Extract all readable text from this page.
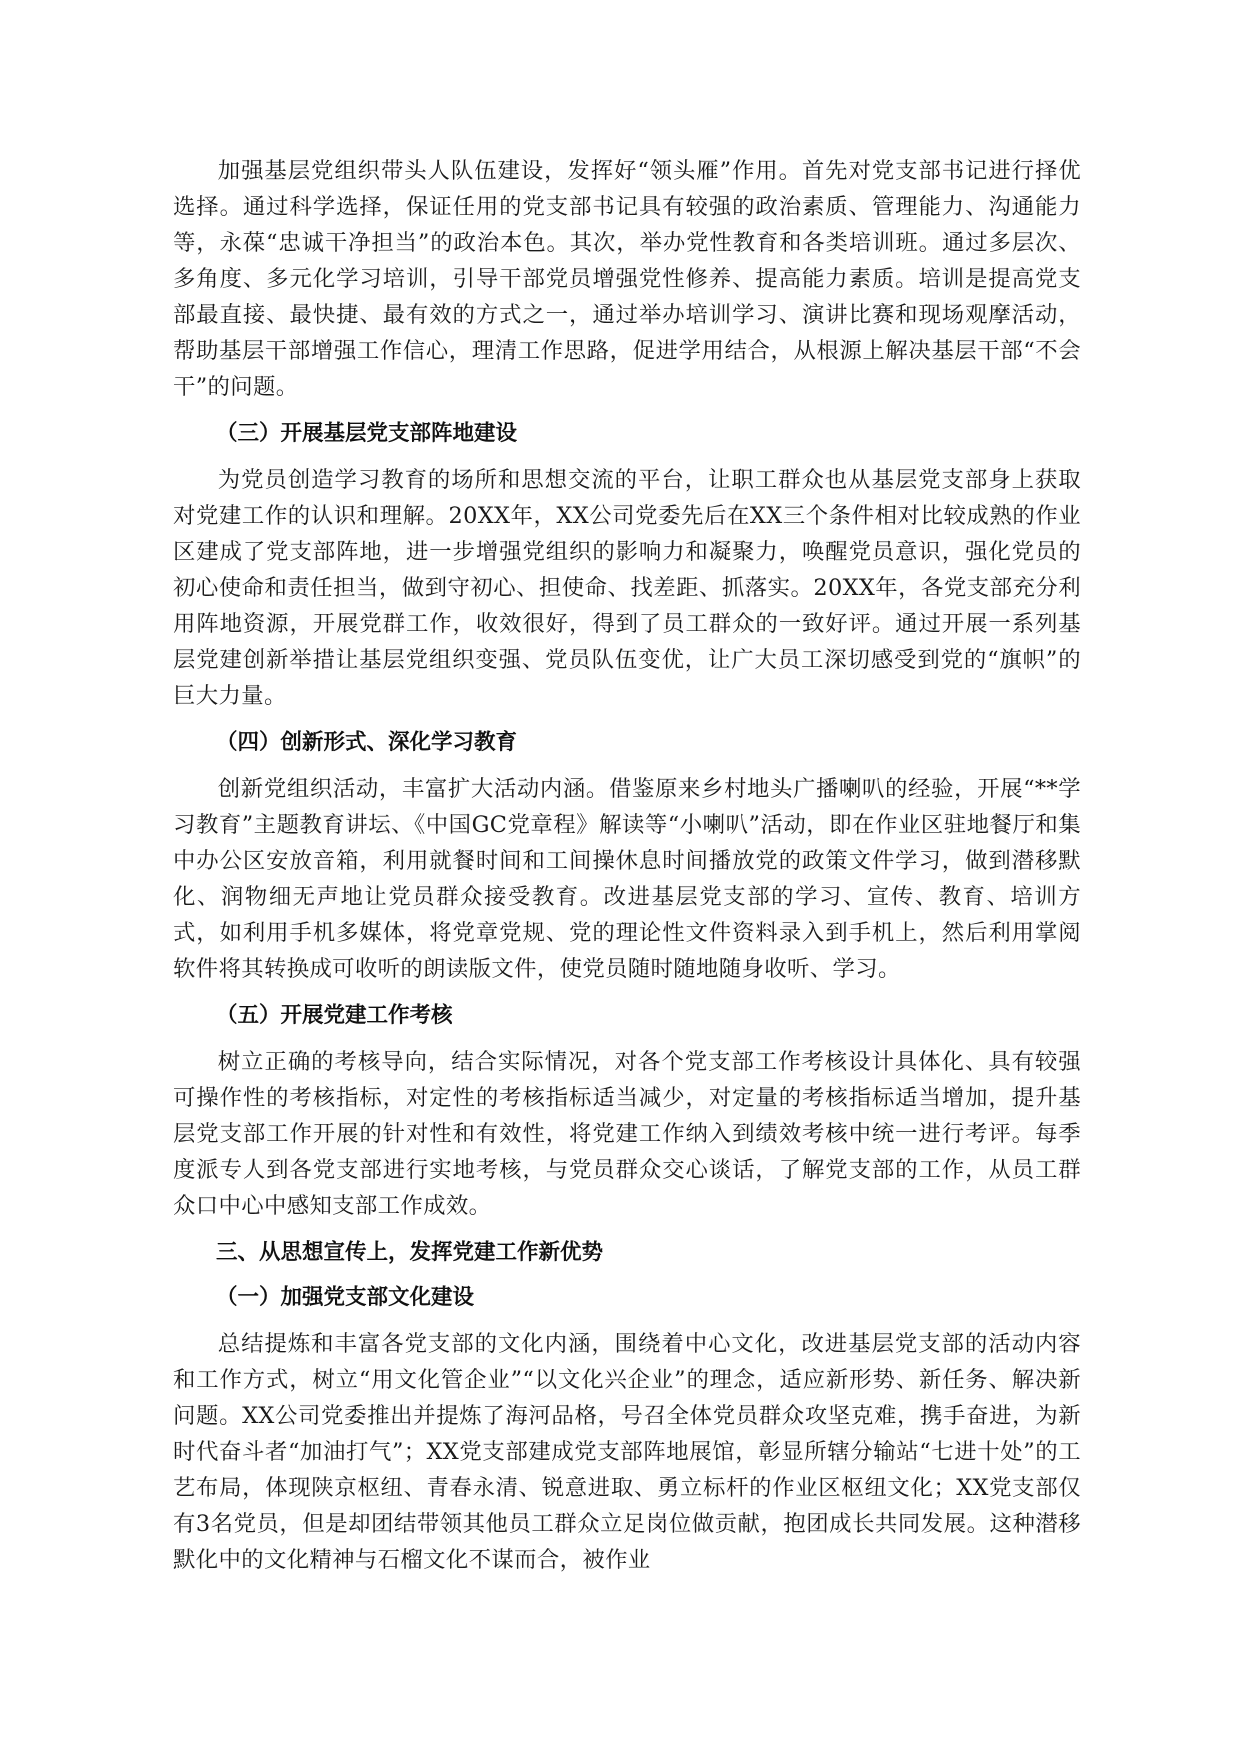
加强基层党组织带头人队伍建设，发挥好“领头雁”作用。首先对党支部书记进行择优选择。通过科学选择，保证任用的党支部书记具有较强的政治素质、管理能力、沟通能力等，永葆“忠诚干净担当”的政治本色。其次，举办党性教育和各类培训班。通过多层次、多角度、多元化学习培训，引导干部党员增强党性修养、提高能力素质。培训是提高党支部最直接、最快捷、最有效的方式之一，通过举办培训学习、演讲比赛和现场观摩活动，帮助基层干部增强工作信心，理清工作思路，促进学用结合，从根源上解决基层干部“不会干”的问题。

（三）开展基层党支部阵地建设

为党员创造学习教育的场所和思想交流的平台，让职工群众也从基层党支部身上获取对党建工作的认识和理解。20XX年，XX公司党委先后在XX三个条件相对比较成熟的作业区建成了党支部阵地，进一步增强党组织的影响力和凝聚力，唤醒党员意识，强化党员的初心使命和责任担当，做到守初心、担使命、找差距、抓落实。20XX年，各党支部充分利用阵地资源，开展党群工作，收效很好，得到了员工群众的一致好评。通过开展一系列基层党建创新举措让基层党组织变强、党员队伍变优，让广大员工深切感受到党的“旗帜”的巨大力量。

（四）创新形式、深化学习教育

创新党组织活动，丰富扩大活动内涵。借鉴原来乡村地头广播喇叭的经验，开展“**学习教育”主题教育讲坛、《中国GC党章程》解读等“小喇叭”活动，即在作业区驻地餐厅和集中办公区安放音箱，利用就餐时间和工间操休息时间播放党的政策文件学习，做到潜移默化、润物细无声地让党员群众接受教育。改进基层党支部的学习、宣传、教育、培训方式，如利用手机多媒体，将党章党规、党的理论性文件资料录入到手机上，然后利用掌阅软件将其转换成可收听的朗读版文件，使党员随时随地随身收听、学习。

（五）开展党建工作考核

树立正确的考核导向，结合实际情况，对各个党支部工作考核设计具体化、具有较强可操作性的考核指标，对定性的考核指标适当减少，对定量的考核指标适当增加，提升基层党支部工作开展的针对性和有效性，将党建工作纳入到绩效考核中统一进行考评。每季度派专人到各党支部进行实地考核，与党员群众交心谈话，了解党支部的工作，从员工群众口中心中感知支部工作成效。

三、从思想宣传上，发挥党建工作新优势
（一）加强党支部文化建设

总结提炼和丰富各党支部的文化内涵，围绕着中心文化，改进基层党支部的活动内容和工作方式，树立“用文化管企业”“以文化兴企业”的理念，适应新形势、新任务、解决新问题。XX公司党委推出并提炼了海河品格，号召全体党员群众攻坚克难，携手奋进，为新时代奋斗者“加油打气”；XX党支部建成党支部阵地展馆，彰显所辖分输站“七进十处”的工艺布局，体现陕京枢纽、青春永清、锐意进取、勇立标杆的作业区枢纽文化；XX党支部仅有3名党员，但是却团结带领其他员工群众立足岗位做贡献，抱团成长共同发展。这种潜移默化中的文化精神与石榴文化不谋而合，被作业
